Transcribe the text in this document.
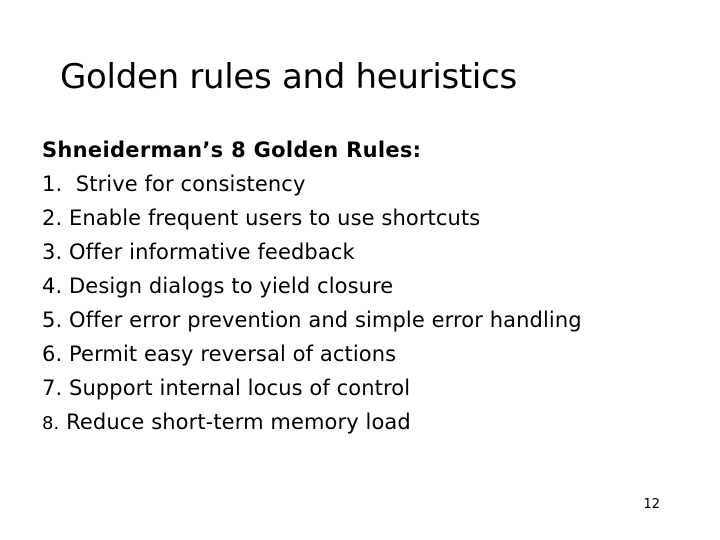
Golden rules and heuristics
Shneiderman’s 8 Golden Rules:
1.  Strive for consistency
2. Enable frequent users to use shortcuts
3. Offer informative feedback
4. Design dialogs to yield closure
5. Offer error prevention and simple error handling
6. Permit easy reversal of actions
7. Support internal locus of control
8. Reduce short-term memory load
12
